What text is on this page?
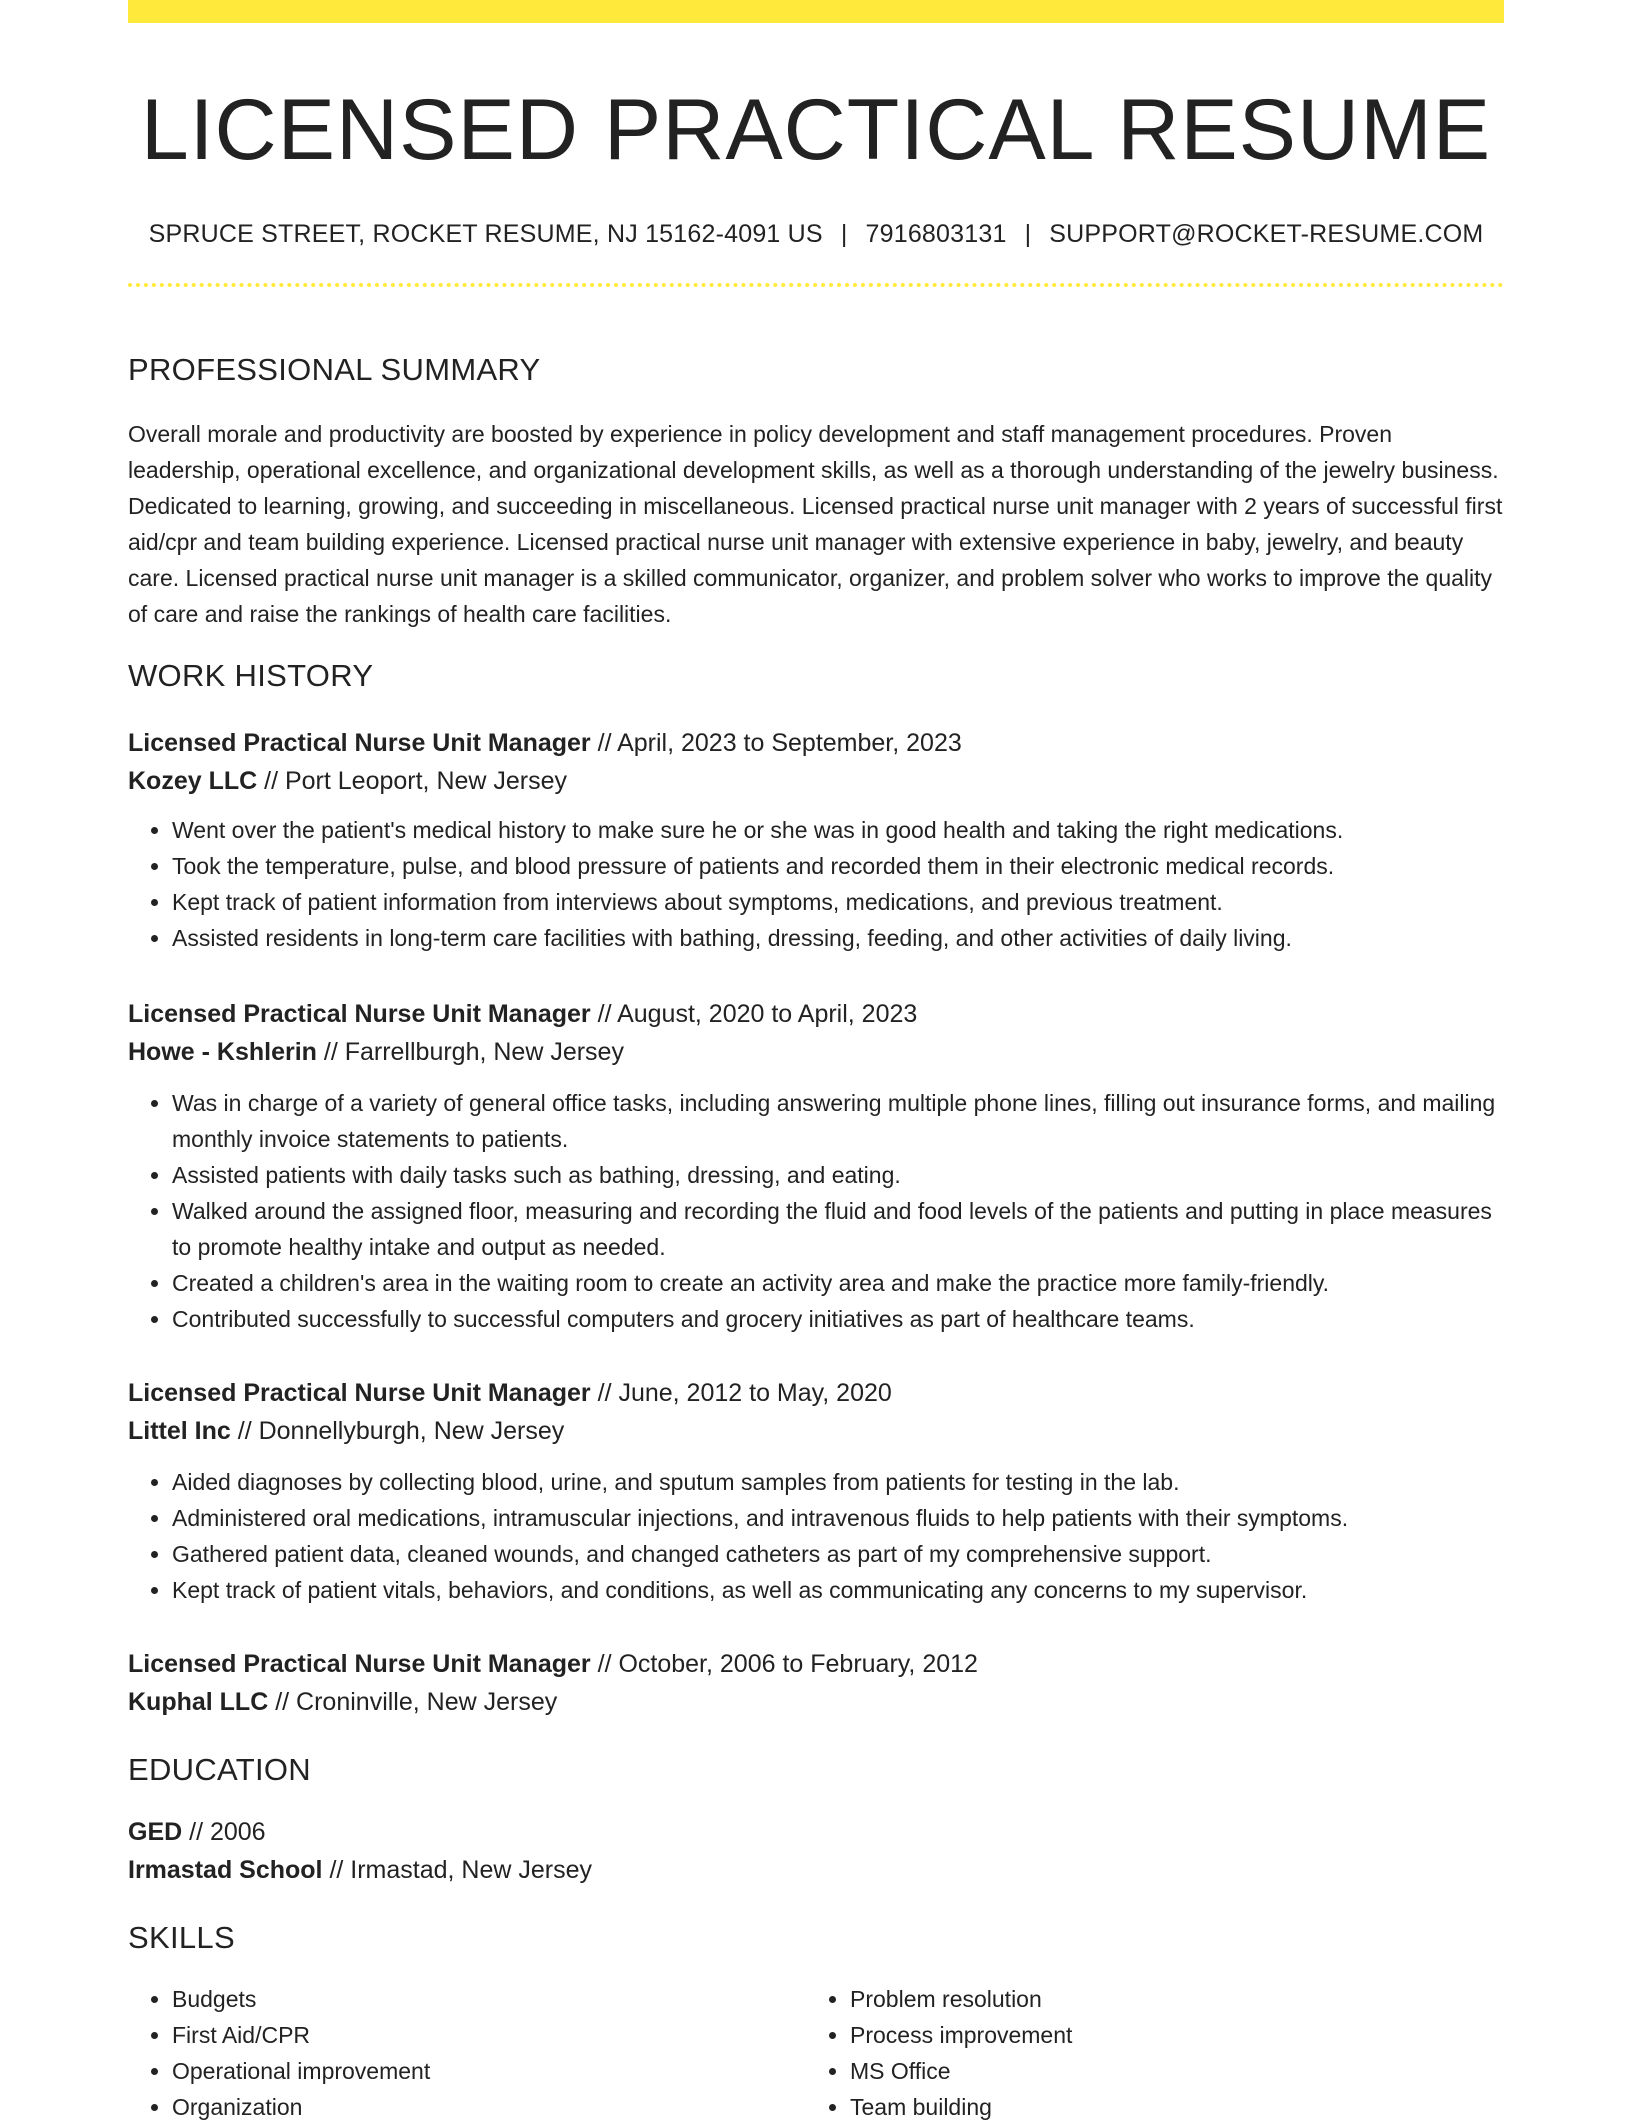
LICENSED PRACTICAL RESUME
SPRUCE STREET, ROCKET RESUME, NJ 15162-4091 US | 7916803131 | SUPPORT@ROCKET-RESUME.COM
PROFESSIONAL SUMMARY

Overall morale and productivity are boosted by experience in policy development and staff management procedures. Proven leadership, operational excellence, and organizational development skills, as well as a thorough understanding of the jewelry business. Dedicated to learning, growing, and succeeding in miscellaneous. Licensed practical nurse unit manager with 2 years of successful first aid/cpr and team building experience. Licensed practical nurse unit manager with extensive experience in baby, jewelry, and beauty care. Licensed practical nurse unit manager is a skilled communicator, organizer, and problem solver who works to improve the quality of care and raise the rankings of health care facilities.

WORK HISTORY

Licensed Practical Nurse Unit Manager // April, 2023 to September, 2023

Kozey LLC // Port Leoport, New Jersey

• Went over the patient's medical history to make sure he or she was in good health and taking the right medications.
• Took the temperature, pulse, and blood pressure of patients and recorded them in their electronic medical records.
• Kept track of patient information from interviews about symptoms, medications, and previous treatment.
• Assisted residents in long-term care facilities with bathing, dressing, feeding, and other activities of daily living.

Licensed Practical Nurse Unit Manager // August, 2020 to April, 2023

Howe - Kshlerin // Farrellburgh, New Jersey

• Was in charge of a variety of general office tasks, including answering multiple phone lines, filling out insurance forms, and mailing monthly invoice statements to patients.
• Assisted patients with daily tasks such as bathing, dressing, and eating.
• Walked around the assigned floor, measuring and recording the fluid and food levels of the patients and putting in place measures to promote healthy intake and output as needed.
• Created a children's area in the waiting room to create an activity area and make the practice more family-friendly.
• Contributed successfully to successful computers and grocery initiatives as part of healthcare teams.

Licensed Practical Nurse Unit Manager // June, 2012 to May, 2020

Littel Inc // Donnellyburgh, New Jersey

• Aided diagnoses by collecting blood, urine, and sputum samples from patients for testing in the lab.
• Administered oral medications, intramuscular injections, and intravenous fluids to help patients with their symptoms.
• Gathered patient data, cleaned wounds, and changed catheters as part of my comprehensive support.
• Kept track of patient vitals, behaviors, and conditions, as well as communicating any concerns to my supervisor.

Licensed Practical Nurse Unit Manager // October, 2006 to February, 2012

Kuphal LLC // Croninville, New Jersey

EDUCATION

GED // 2006

Irmastad School // Irmastad, New Jersey

SKILLS
• Budgets
• First Aid/CPR
• Operational improvement
• Organization
• Problem resolution
• Process improvement
• MS Office
• Team building
